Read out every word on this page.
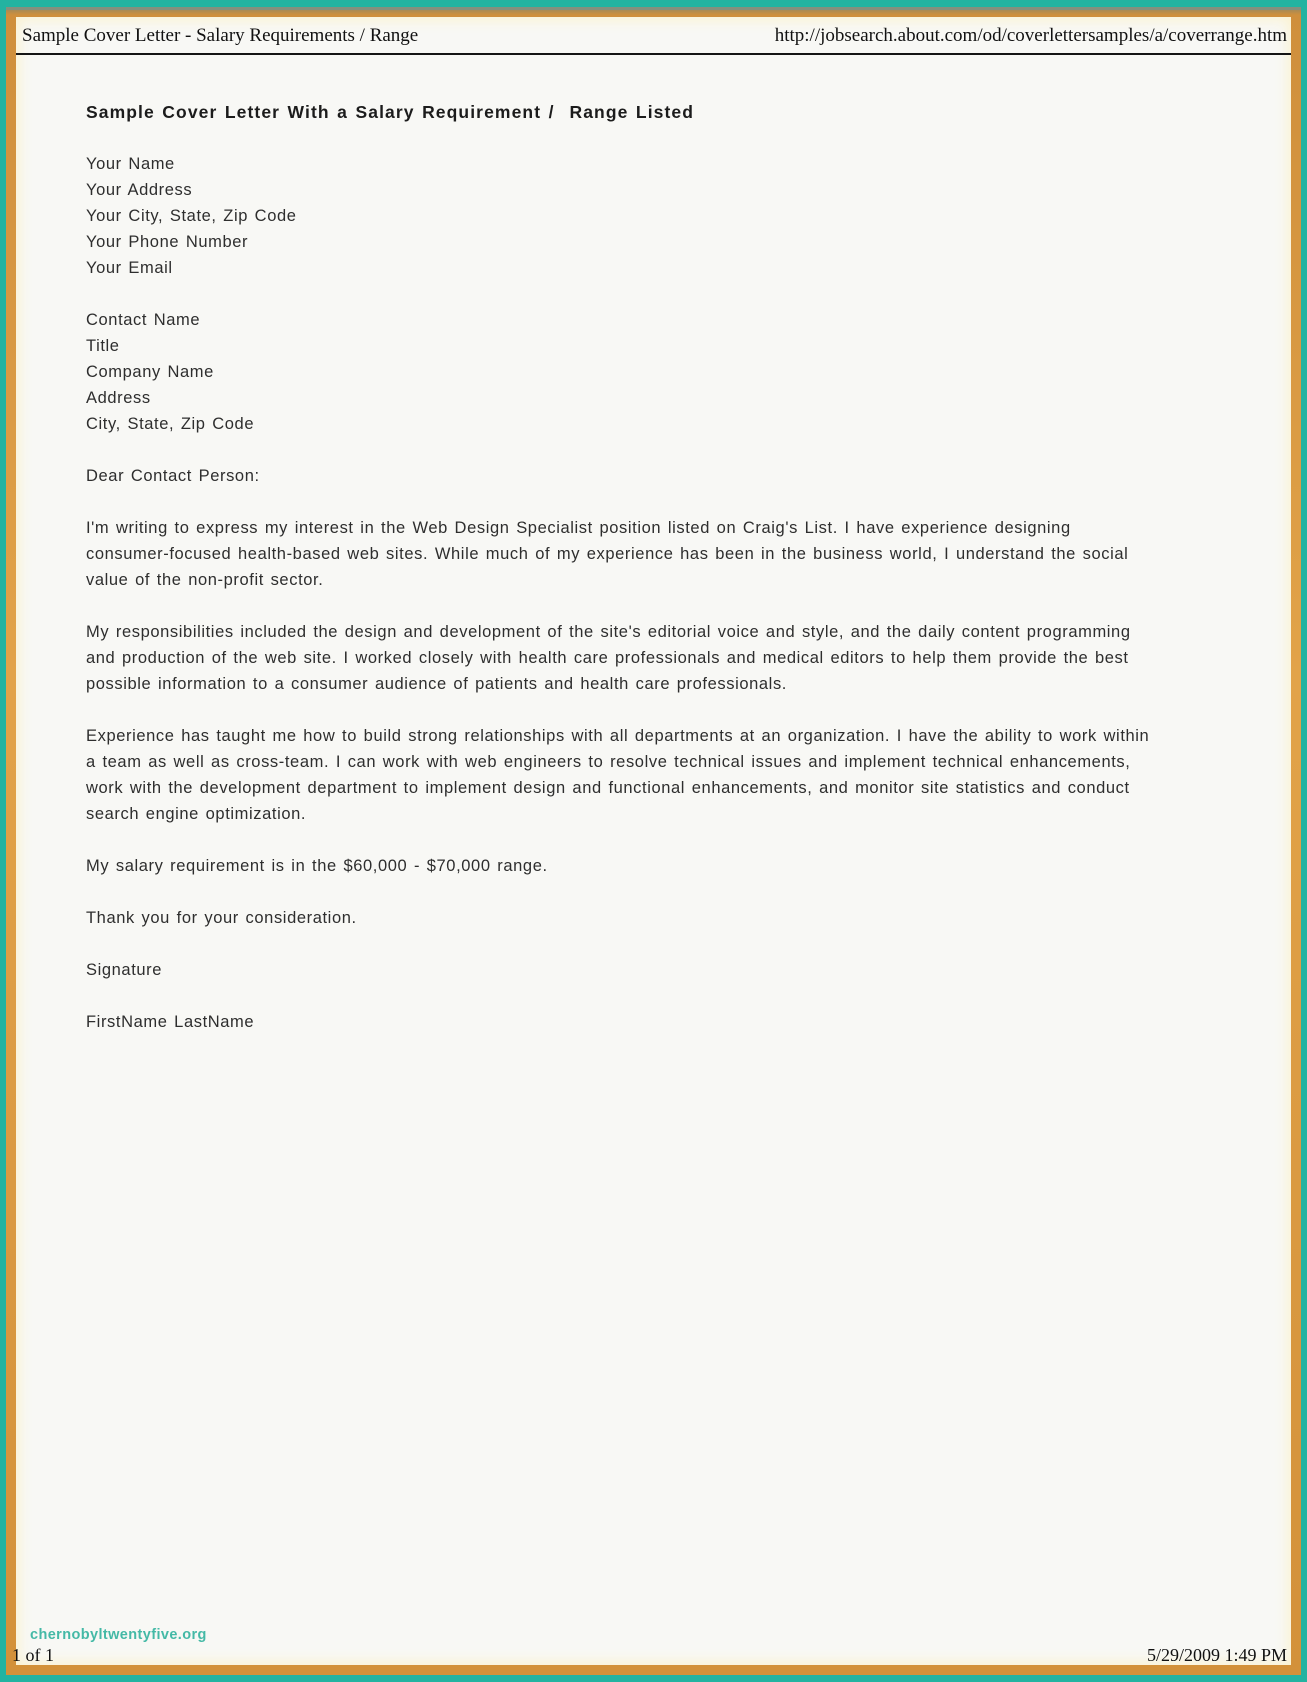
Sample Cover Letter - Salary Requirements / Range	http://jobsearch.about.com/od/coverlettersamples/a/coverrange.htm
Sample Cover Letter With a Salary Requirement /  Range Listed
Your Name
Your Address
Your City, State, Zip Code
Your Phone Number
Your Email
Contact Name
Title
Company Name
Address
City, State, Zip Code
Dear Contact Person:
I'm writing to express my interest in the Web Design Specialist position listed on Craig's List. I have experience designing consumer-focused health-based web sites. While much of my experience has been in the business world, I understand the social value of the non-profit sector.
My responsibilities included the design and development of the site's editorial voice and style, and the daily content programming and production of the web site. I worked closely with health care professionals and medical editors to help them provide the best possible information to a consumer audience of patients and health care professionals.
Experience has taught me how to build strong relationships with all departments at an organization. I have the ability to work within a team as well as cross-team. I can work with web engineers to resolve technical issues and implement technical enhancements, work with the development department to implement design and functional enhancements, and monitor site statistics and conduct search engine optimization.
My salary requirement is in the $60,000 - $70,000 range.
Thank you for your consideration.
Signature
FirstName LastName
chernobyltwentyfive.org
1 of 1	5/29/2009 1:49 PM
